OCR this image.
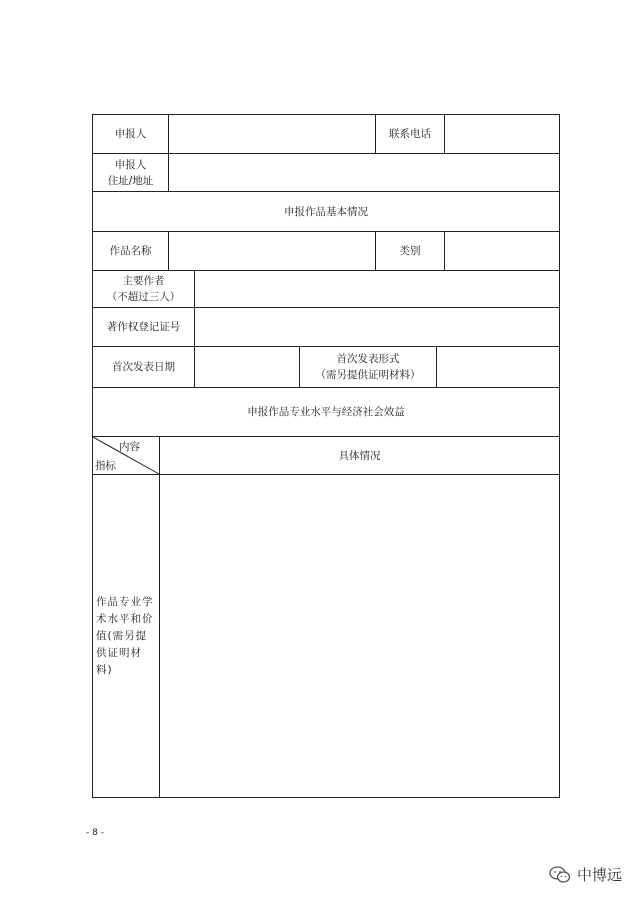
申报人	联系电话
申报人
住址/地址
申报作品基本情况
作品名称	类别
主要作者
（不超过三人）
著作权登记证号
首次发表日期
首次发表形式
（需另提供证明材料）
申报作品专业水平与经济社会效益
内容
指标
具体情况
作品专业学术水平和价值(需另提供证明材料)
- 8 -
中博远
